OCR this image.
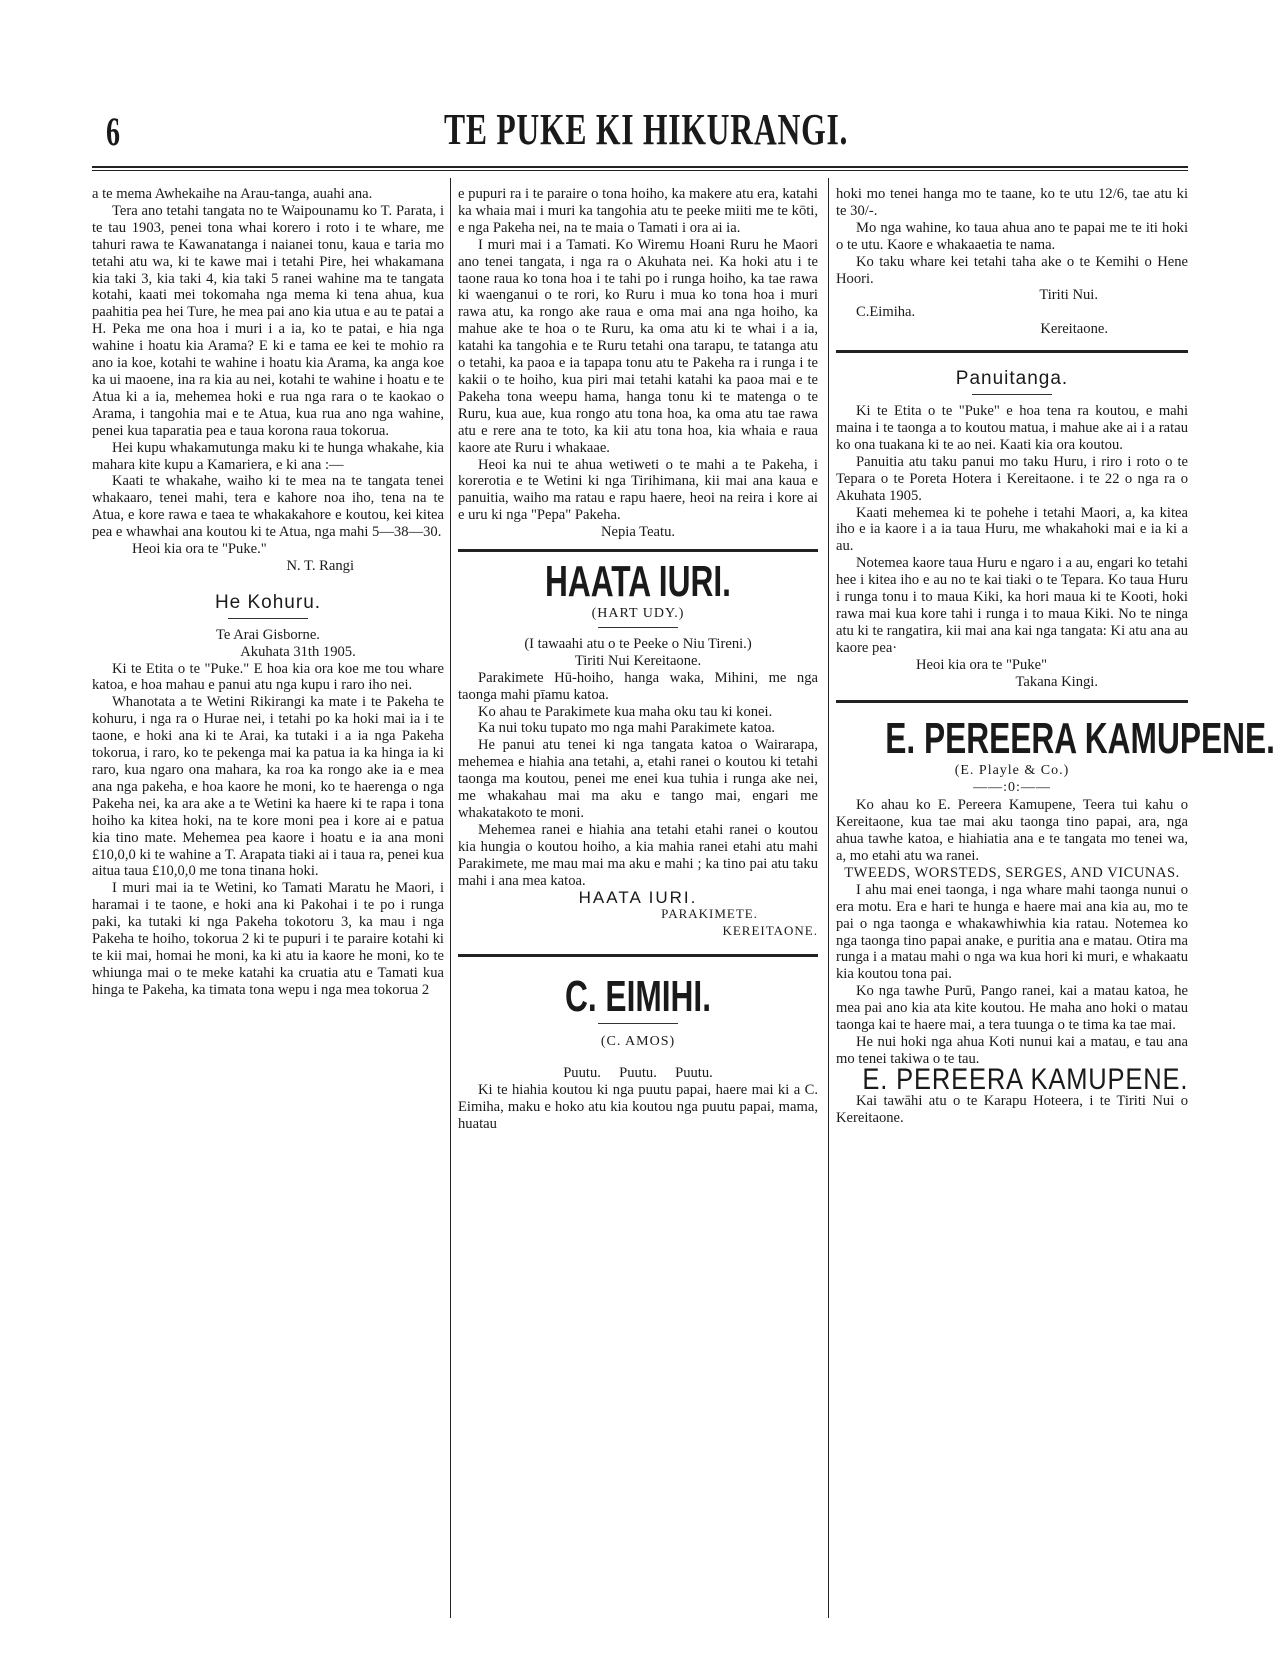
6	TE PUKE KI HIKURANGI.

a te mema Awhekaihe na Arau-tanga, auahi ana.

Tera ano tetahi tangata no te Waipounamu ko T. Parata, i te tau 1903, penei tona whai korero i roto i te whare, me tahuri rawa te Kawanatanga i naianei tonu, kaua e taria mo tetahi atu wa, ki te kawe mai i tetahi Pire, hei whakamana kia taki 3, kia taki 4, kia taki 5 ranei wahine ma te tangata kotahi, kaati mei tokomaha nga mema ki tena ahua, kua paahitia pea hei Ture, he mea pai ano kia utua e au te patai a H. Peka me ona hoa i muri i a ia, ko te patai, e hia nga wahine i hoatu kia Arama? E ki e tama ee kei te mohio ra ano ia koe, kotahi te wahine i hoatu kia Arama, ka anga koe ka ui maoene, ina ra kia au nei, kotahi te wahine i hoatu e te Atua ki a ia, mehemea hoki e rua nga rara o te kaokao o Arama, i tangohia mai e te Atua, kua rua ano nga wahine, penei kua taparatia pea e taua korona raua tokorua.

Hei kupu whakamutunga maku ki te hunga whakahe, kia mahara kite kupu a Kamariera, e ki ana :—

Kaati te whakahe, waiho ki te mea na te tangata tenei whakaaro, tenei mahi, tera e kahore noa iho, tena na te Atua, e kore rawa e taea te whakakahore e koutou, kei kitea pea e whawhai ana koutou ki te Atua, nga mahi 5—38—30.

Heoi kia ora te "Puke."

N. T. Rangi

He Kohuru.

Te Arai Gisborne.

Akuhata 31th 1905.

Ki te Etita o te "Puke." E hoa kia ora koe me tou whare katoa, e hoa mahau e panui atu nga kupu i raro iho nei.

Whanotata a te Wetini Rikirangi ka mate i te Pakeha te kohuru, i nga ra o Hurae nei, i tetahi po ka hoki mai ia i te taone, e hoki ana ki te Arai, ka tutaki i a ia nga Pakeha tokorua, i raro, ko te pekenga mai ka patua ia ka hinga ia ki raro, kua ngaro ona mahara, ka roa ka rongo ake ia e mea ana nga pakeha, e hoa kaore he moni, ko te haerenga o nga Pakeha nei, ka ara ake a te Wetini ka haere ki te rapa i tona hoiho ka kitea hoki, na te kore moni pea i kore ai e patua kia tino mate. Mehemea pea kaore i hoatu e ia ana moni £10,0,0 ki te wahine a T. Arapata tiaki ai i taua ra, penei kua aitua taua £10,0,0 me tona tinana hoki.

I muri mai ia te Wetini, ko Tamati Maratu he Maori, i haramai i te taone, e hoki ana ki Pakohai i te po i runga paki, ka tutaki ki nga Pakeha tokotoru 3, ka mau i nga Pakeha te hoiho, tokorua 2 ki te pupuri i te paraire kotahi ki te kii mai, homai he moni, ka ki atu ia kaore he moni, ko te whiunga mai o te meke katahi ka cruatia atu e Tamati kua hinga te Pakeha, ka timata tona wepu i nga mea tokorua 2

e pupuri ra i te paraire o tona hoiho, ka makere atu era, katahi ka whaia mai i muri ka tangohia atu te peeke miiti me te kōti, e nga Pakeha nei, na te maia o Tamati i ora ai ia.

I muri mai i a Tamati. Ko Wiremu Hoani Ruru he Maori ano tenei tangata, i nga ra o Akuhata nei. Ka hoki atu i te taone raua ko tona hoa i te tahi po i runga hoiho, ka tae rawa ki waenganui o te rori, ko Ruru i mua ko tona hoa i muri rawa atu, ka rongo ake raua e oma mai ana nga hoiho, ka mahue ake te hoa o te Ruru, ka oma atu ki te whai i a ia, katahi ka tangohia e te Ruru tetahi ona tarapu, te tatanga atu o tetahi, ka paoa e ia tapapa tonu atu te Pakeha ra i runga i te kakii o te hoiho, kua piri mai tetahi katahi ka paoa mai e te Pakeha tona weepu hama, hanga tonu ki te matenga o te Ruru, kua aue, kua rongo atu tona hoa, ka oma atu tae rawa atu e rere ana te toto, ka kii atu tona hoa, kia whaia e raua kaore ate Ruru i whakaae.

Heoi ka nui te ahua wetiweti o te mahi a te Pakeha, i korerotia e te Wetini ki nga Tirihimana, kii mai ana kaua e panuitia, waiho ma ratau e rapu haere, heoi na reira i kore ai e uru ki nga "Pepa" Pakeha.

Nepia Teatu.

HAATA IURI.
(HART UDY.)

(I tawaahi atu o te Peeke o Niu Tireni.)

Tiriti Nui Kereitaone.

Parakimete Hū-hoiho, hanga waka, Mihini, me nga taonga mahi pīamu katoa.

Ko ahau te Parakimete kua maha oku tau ki konei.

Ka nui toku tupato mo nga mahi Parakimete katoa.

He panui atu tenei ki nga tangata katoa o Wairarapa, mehemea e hiahia ana tetahi, a, etahi ranei o koutou ki tetahi taonga ma koutou, penei me enei kua tuhia i runga ake nei, me whakahau mai ma aku e tango mai, engari me whakatakoto te moni.

Mehemea ranei e hiahia ana tetahi etahi ranei o koutou kia hungia o koutou hoiho, a kia mahia ranei etahi atu mahi Parakimete, me mau mai ma aku e mahi ; ka tino pai atu taku mahi i ana mea katoa.

HAATA IURI.

PARAKIMETE.

KEREITAONE.

C. EIMIHI.
(C. AMOS)

Puutu.     Puutu.     Puutu.

Ki te hiahia koutou ki nga puutu papai, haere mai ki a C. Eimiha, maku e hoko atu kia koutou nga puutu papai, mama, huatau

hoki mo tenei hanga mo te taane, ko te utu 12/6, tae atu ki te 30/-.

Mo nga wahine, ko taua ahua ano te papai me te iti hoki o te utu. Kaore e whakaaetia te nama.

Ko taku whare kei tetahi taha ake o te Kemihi o Hene Hoori.

Tiriti Nui.

C.Eimiha.

Kereitaone.

Panuitanga.

Ki te Etita o te "Puke" e hoa tena ra koutou, e mahi maina i te taonga a to koutou matua, i mahue ake ai i a ratau ko ona tuakana ki te ao nei. Kaati kia ora koutou.

Panuitia atu taku panui mo taku Huru, i riro i roto o te Tepara o te Poreta Hotera i Kereitaone. i te 22 o nga ra o Akuhata 1905.

Kaati mehemea ki te pohehe i tetahi Maori, a, ka kitea iho e ia kaore i a ia taua Huru, me whakahoki mai e ia ki a au.

Notemea kaore taua Huru e ngaro i a au, engari ko tetahi hee i kitea iho e au no te kai tiaki o te Tepara. Ko taua Huru i runga tonu i to maua Kiki, ka hori maua ki te Kooti, hoki rawa mai kua kore tahi i runga i to maua Kiki. No te ninga atu ki te rangatira, kii mai ana kai nga tangata: Ki atu ana au kaore pea·

Heoi kia ora te "Puke"

Takana Kingi.

E. PEREERA KAMUPENE.
(E. Playle & Co.)
——:0:——

Ko ahau ko E. Pereera Kamupene, Teera tui kahu o Kereitaone, kua tae mai aku taonga tino papai, ara, nga ahua tawhe katoa, e hiahiatia ana e te tangata mo tenei wa, a, mo etahi atu wa ranei.

TWEEDS, WORSTEDS, SERGES, AND VICUNAS.

I ahu mai enei taonga, i nga whare mahi taonga nunui o era motu. Era e hari te hunga e haere mai ana kia au, mo te pai o nga taonga e whakawhiwhia kia ratau. Notemea ko nga taonga tino papai anake, e puritia ana e matau. Otira ma runga i a matau mahi o nga wa kua hori ki muri, e whakaatu kia koutou tona pai.

Ko nga tawhe Purū, Pango ranei, kai a matau katoa, he mea pai ano kia ata kite koutou. He maha ano hoki o matau taonga kai te haere mai, a tera tuunga o te tima ka tae mai.

He nui hoki nga ahua Koti nunui kai a matau, e tau ana mo tenei takiwa o te tau.

E. PEREERA KAMUPENE.

Kai tawāhi atu o te Karapu Hoteera, i te Tiriti Nui o Kereitaone.
